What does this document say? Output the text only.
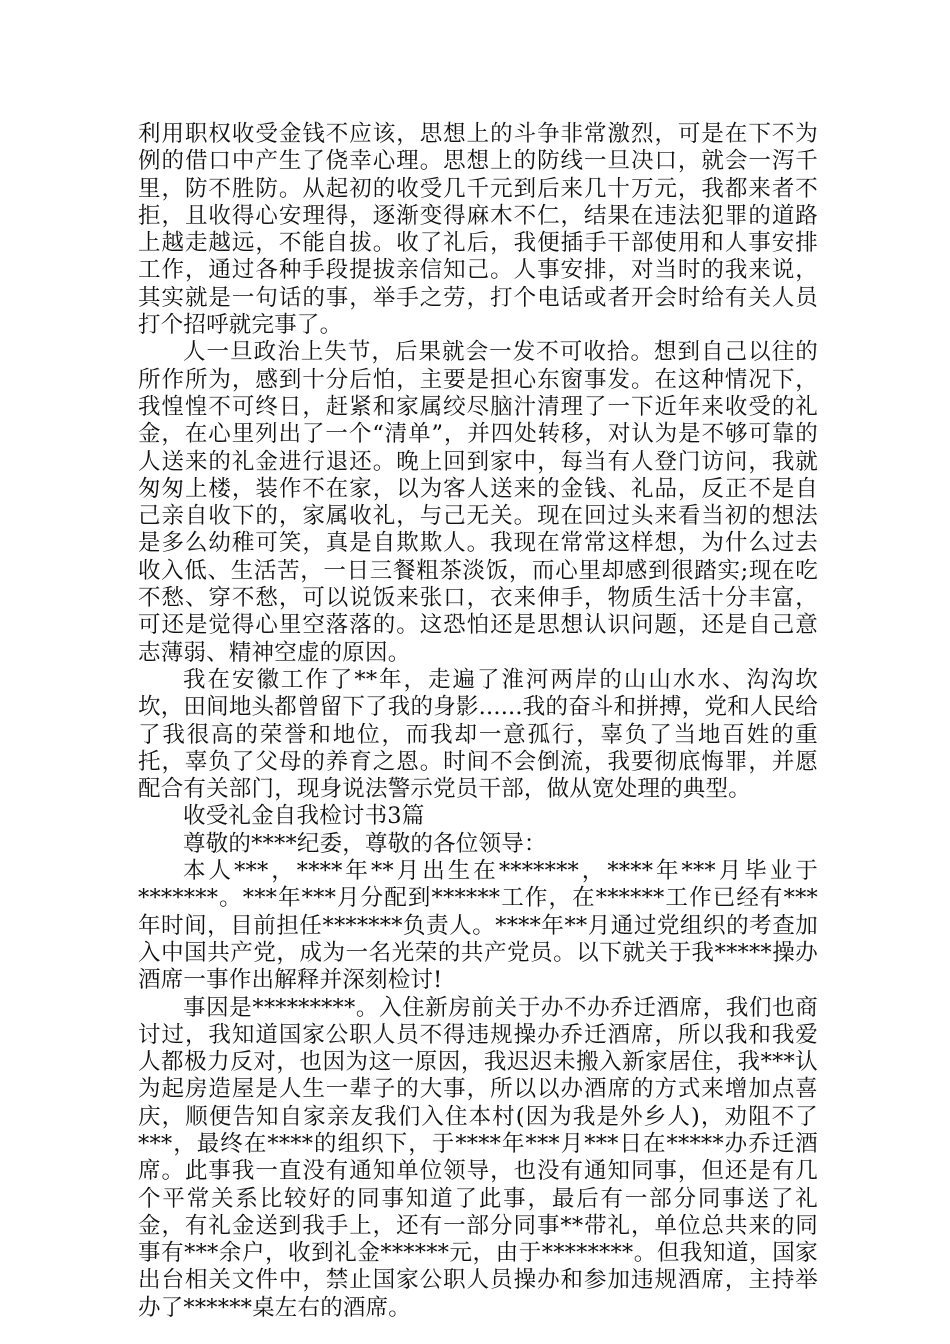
利用职权收受金钱不应该，思想上的斗争非常激烈，可是在下不为例的借口中产生了侥幸心理。思想上的防线一旦决口，就会一泻千里，防不胜防。从起初的收受几千元到后来几十万元，我都来者不拒，且收得心安理得，逐渐变得麻木不仁，结果在违法犯罪的道路上越走越远，不能自拔。收了礼后，我便插手干部使用和人事安排工作，通过各种手段提拔亲信知己。人事安排，对当时的我来说，其实就是一句话的事，举手之劳，打个电话或者开会时给有关人员打个招呼就完事了。

人一旦政治上失节，后果就会一发不可收拾。想到自己以往的所作所为，感到十分后怕，主要是担心东窗事发。在这种情况下，我惶惶不可终日，赶紧和家属绞尽脑汁清理了一下近年来收受的礼金，在心里列出了一个“清单”，并四处转移，对认为是不够可靠的人送来的礼金进行退还。晚上回到家中，每当有人登门访问，我就匆匆上楼，装作不在家，以为客人送来的金钱、礼品，反正不是自己亲自收下的，家属收礼，与己无关。现在回过头来看当初的想法是多么幼稚可笑，真是自欺欺人。我现在常常这样想，为什么过去收入低、生活苦，一日三餐粗茶淡饭，而心里却感到很踏实;现在吃不愁、穿不愁，可以说饭来张口，衣来伸手，物质生活十分丰富，可还是觉得心里空落落的。这恐怕还是思想认识问题，还是自己意志薄弱、精神空虚的原因。

我在安徽工作了**年，走遍了淮河两岸的山山水水、沟沟坎坎，田间地头都曾留下了我的身影......我的奋斗和拼搏，党和人民给了我很高的荣誉和地位，而我却一意孤行，辜负了当地百姓的重托，辜负了父母的养育之恩。时间不会倒流，我要彻底悔罪，并愿配合有关部门，现身说法警示党员干部，做从宽处理的典型。

收受礼金自我检讨书3篇

尊敬的****纪委，尊敬的各位领导：

本人***，****年**月出生在*******，****年***月毕业于*******。***年***月分配到******工作，在******工作已经有***年时间，目前担任*******负责人。****年**月通过党组织的考查加入中国共产党，成为一名光荣的共产党员。以下就关于我*****操办酒席一事作出解释并深刻检讨!

事因是*********。入住新房前关于办不办乔迁酒席，我们也商讨过，我知道国家公职人员不得违规操办乔迁酒席，所以我和我爱人都极力反对，也因为这一原因，我迟迟未搬入新家居住，我***认为起房造屋是人生一辈子的大事，所以以办酒席的方式来增加点喜庆，顺便告知自家亲友我们入住本村(因为我是外乡人)，劝阻不了***，最终在****的组织下，于****年***月***日在*****办乔迁酒席。此事我一直没有通知单位领导，也没有通知同事，但还是有几个平常关系比较好的同事知道了此事，最后有一部分同事送了礼金，有礼金送到我手上，还有一部分同事**带礼，单位总共来的同事有***余户，收到礼金******元，由于********。但我知道，国家出台相关文件中，禁止国家公职人员操办和参加违规酒席，主持举办了******桌左右的酒席。
